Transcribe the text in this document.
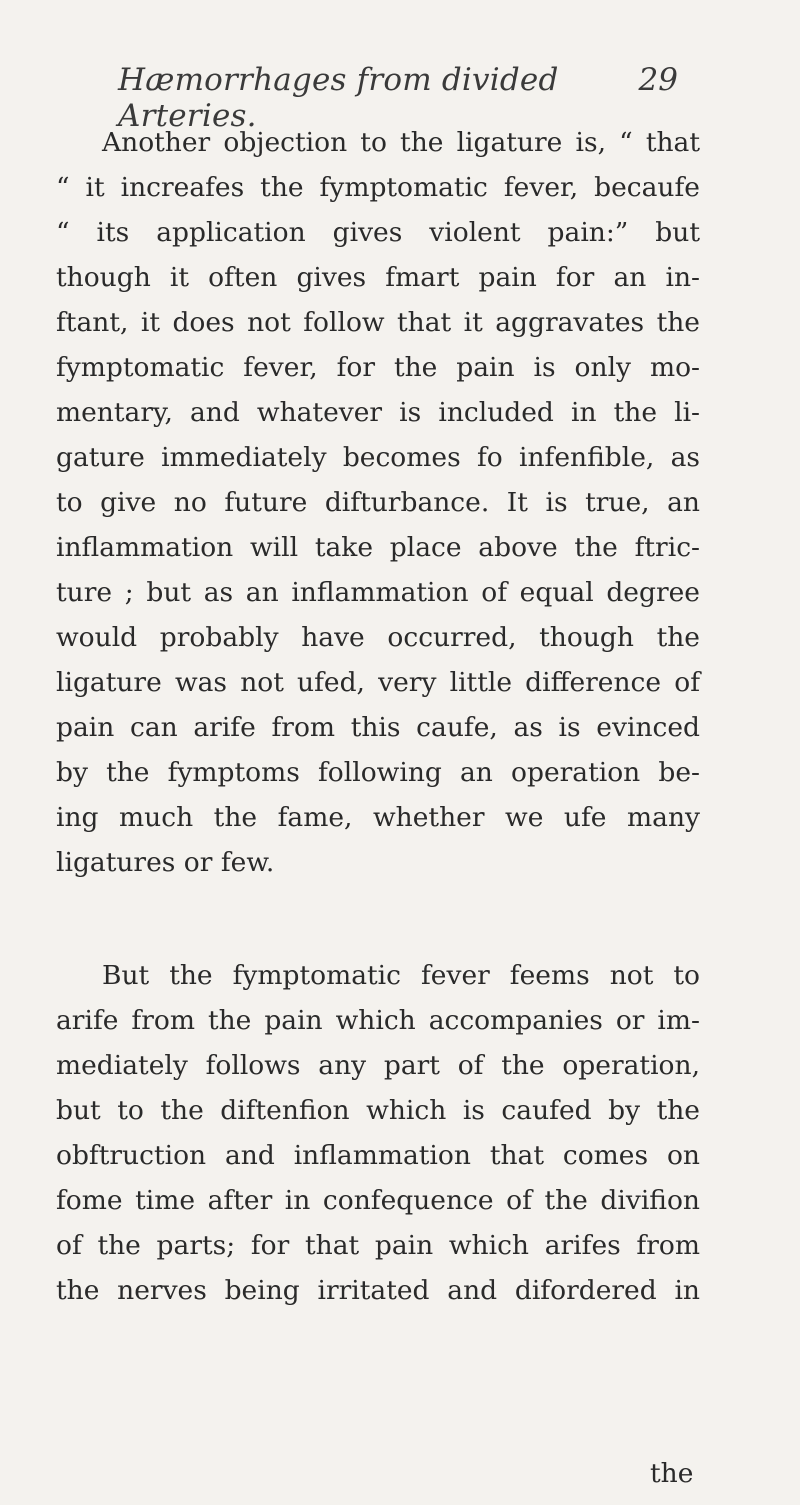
Hæmorrhages from divided Arteries.
29
Another objection to the ligature is, “ that
“ it increafes the fymptomatic fever, becaufe
“ its application gives violent pain:” but
though it often gives fmart pain for an in-
ftant, it does not follow that it aggravates the
fymptomatic fever, for the pain is only mo-
mentary, and whatever is included in the li-
gature immediately becomes fo infenfible, as
to give no future difturbance. It is true, an
inflammation will take place above the ftric-
ture ; but as an inflammation of equal degree
would probably have occurred, though the
ligature was not ufed, very little difference of
pain can arife from this caufe, as is evinced
by the fymptoms following an operation be-
ing much the fame, whether we ufe many
ligatures or few.
But the fymptomatic fever feems not to
arife from the pain which accompanies or im-
mediately follows any part of the operation,
but to the diftenfion which is caufed by the
obftruction and inflammation that comes on
fome time after in confequence of the divifion
of the parts; for that pain which arifes from
the nerves being irritated and difordered in
the
